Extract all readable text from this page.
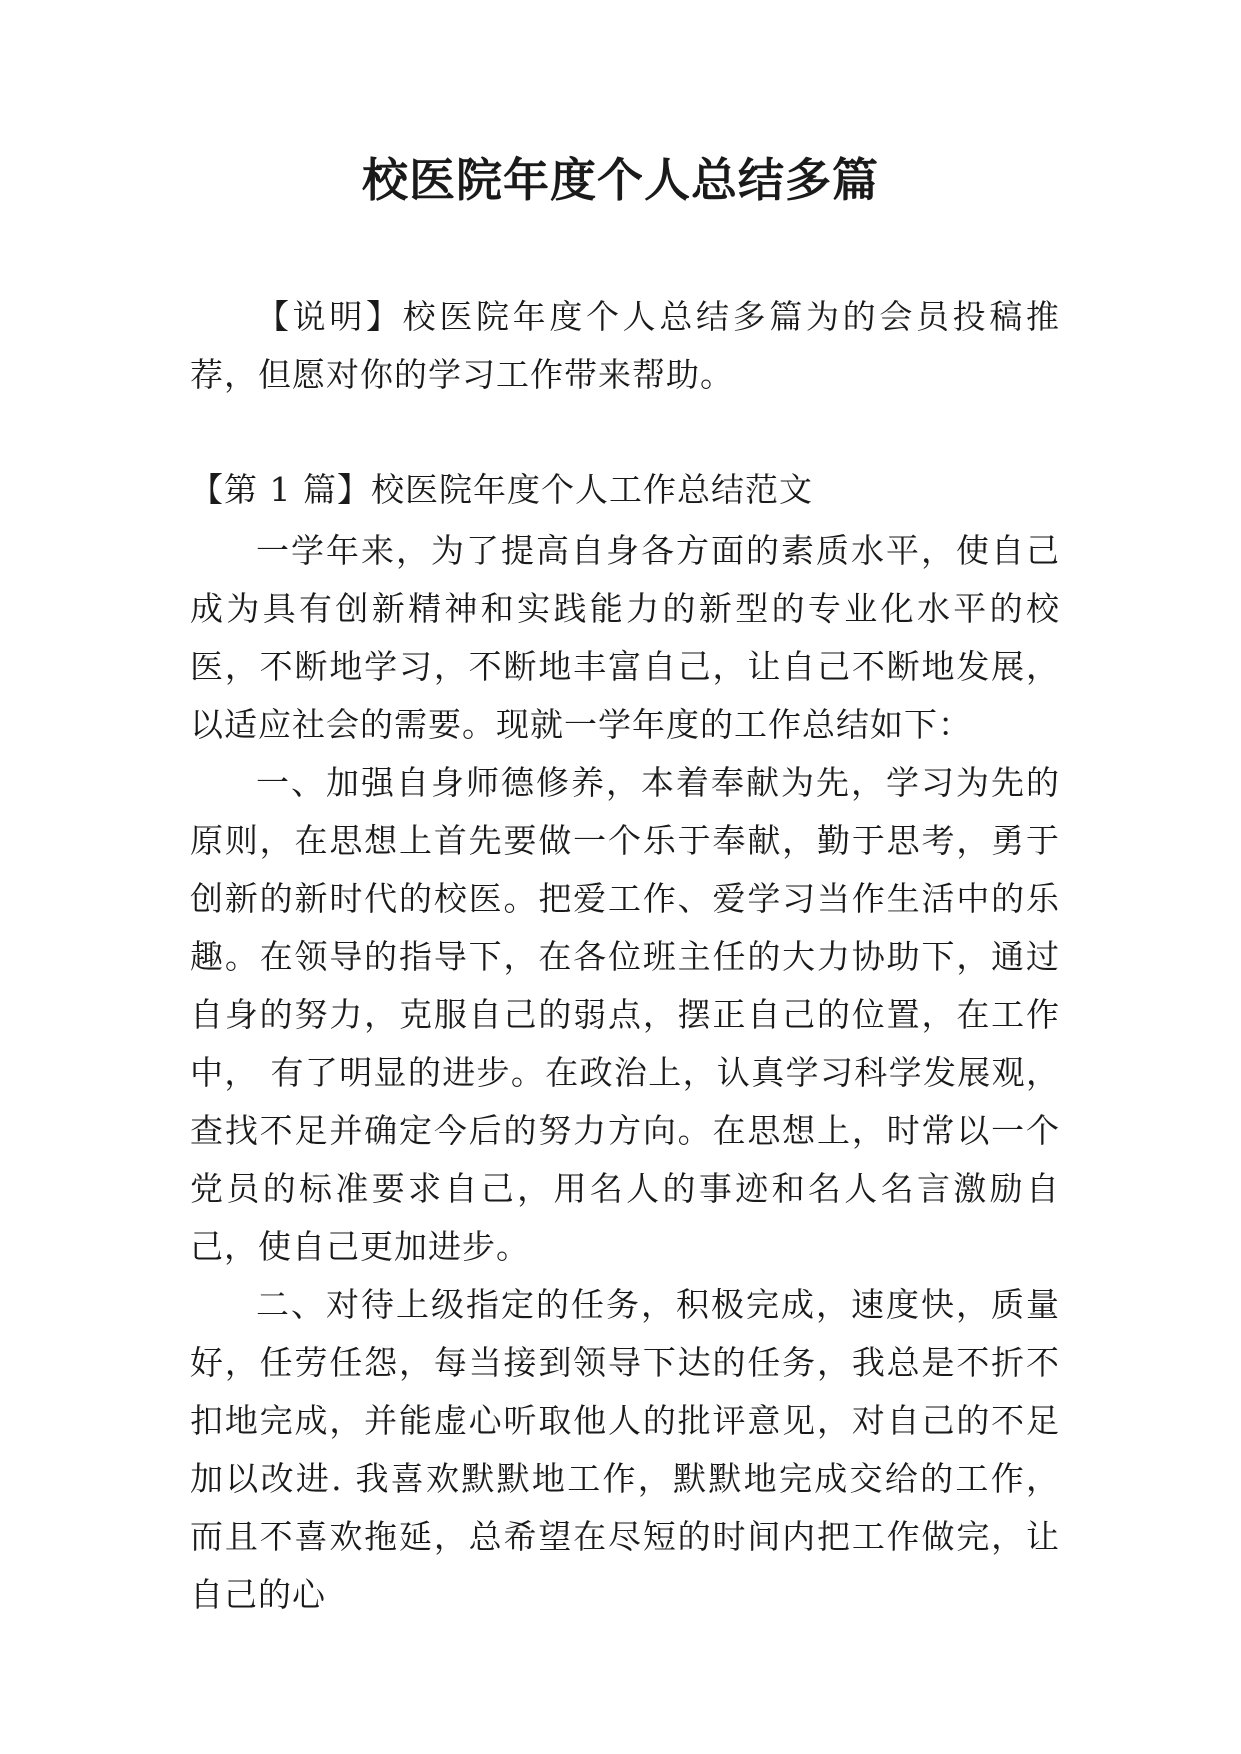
校医院年度个人总结多篇

【说明】校医院年度个人总结多篇为的会员投稿推荐，但愿对你的学习工作带来帮助。

【第 1 篇】校医院年度个人工作总结范文

一学年来，为了提高自身各方面的素质水平，使自己成为具有创新精神和实践能力的新型的专业化水平的校医，不断地学习，不断地丰富自己，让自己不断地发展，以适应社会的需要。现就一学年度的工作总结如下：

一、加强自身师德修养，本着奉献为先，学习为先的原则，在思想上首先要做一个乐于奉献，勤于思考，勇于创新的新时代的校医。把爱工作、爱学习当作生活中的乐趣。在领导的指导下，在各位班主任的大力协助下，通过自身的努力，克服自己的弱点，摆正自己的位置，在工作中， 有了明显的进步。在政治上，认真学习科学发展观，查找不足并确定今后的努力方向。在思想上，时常以一个党员的标准要求自己，用名人的事迹和名人名言激励自己，使自己更加进步。

二、对待上级指定的任务，积极完成，速度快，质量好，任劳任怨，每当接到领导下达的任务，我总是不折不扣地完成，并能虚心听取他人的批评意见，对自己的不足加以改进. 我喜欢默默地工作，默默地完成交给的工作，而且不喜欢拖延，总希望在尽短的时间内把工作做完，让自己的心
